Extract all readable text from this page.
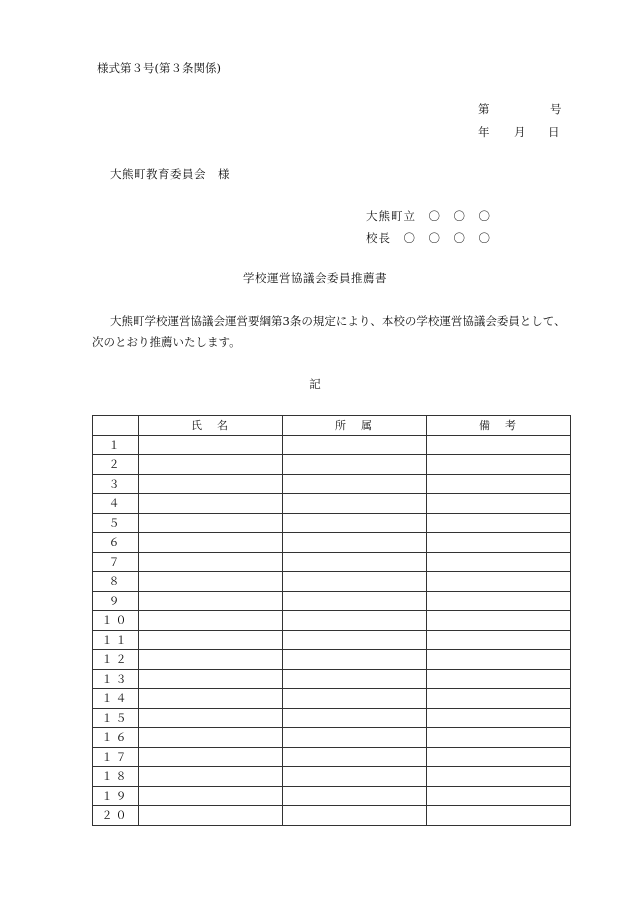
様式第３号(第３条関係)
第	号
年 月 日
大熊町教育委員会　様
大熊町立　〇　〇　〇
校長　〇　〇　〇　〇
学校運営協議会委員推薦書
大熊町学校運営協議会運営要綱第3条の規定により、本校の学校運営協議会委員として、
次のとおり推薦いたします。
記
	氏　名	所　属	備　考
１			
２			
３			
４			
５			
６			
７			
８			
９			
１０			
１１			
１２			
１３			
１４			
１５			
１６			
１７			
１８			
１９			
２０			
